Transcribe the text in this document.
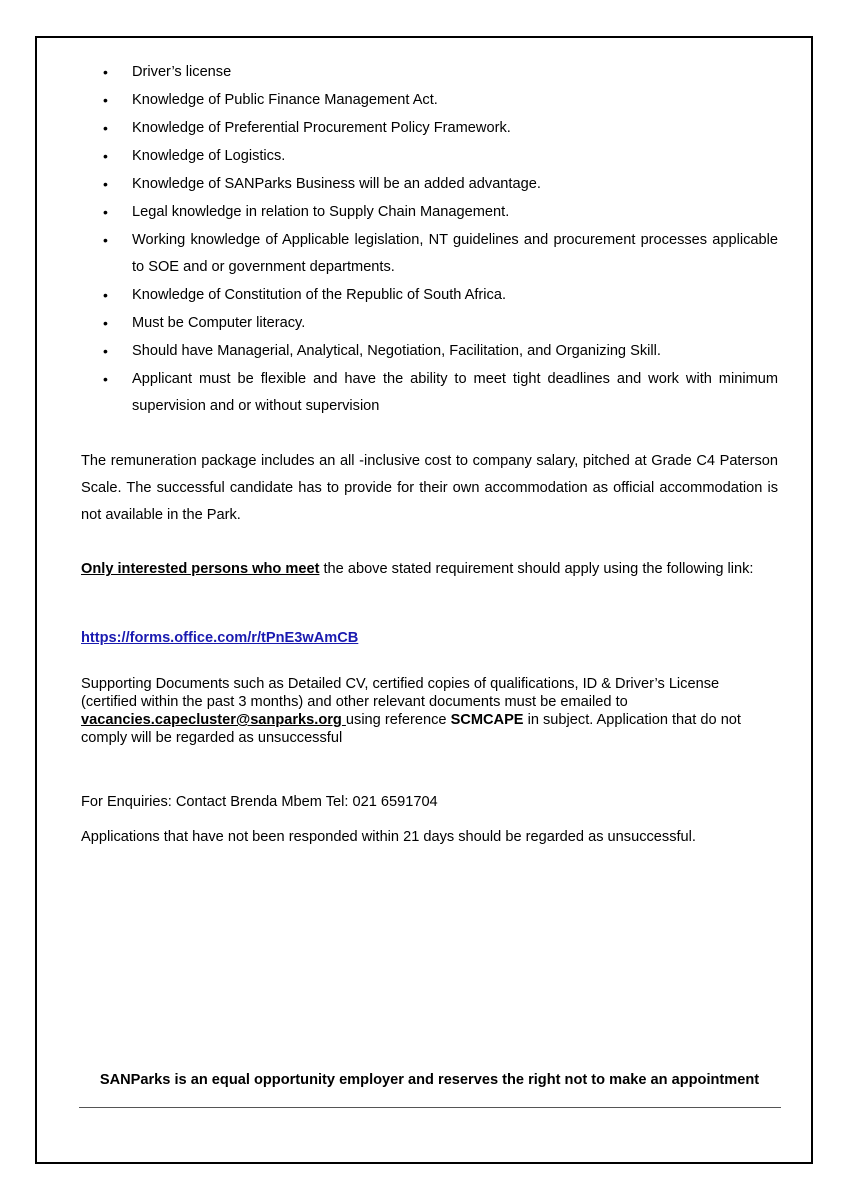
•	Driver’s license
•	Knowledge of Public Finance Management Act.
•	Knowledge of Preferential Procurement Policy Framework.
•	Knowledge of Logistics.
•	Knowledge of SANParks Business will be an added advantage.
•	Legal knowledge in relation to Supply Chain Management.
•	Working knowledge of Applicable legislation, NT guidelines and procurement processes applicable to SOE and or government departments.
•	Knowledge of Constitution of the Republic of South Africa.
•	Must be Computer literacy.
•	Should have Managerial, Analytical, Negotiation, Facilitation, and Organizing Skill.
•	Applicant must be flexible and have the ability to meet tight deadlines and work with minimum supervision and or without supervision

The remuneration package includes an all -inclusive cost to company salary, pitched at Grade C4 Paterson Scale. The successful candidate has to provide for their own accommodation as official accommodation is not available in the Park.

Only interested persons who meet the above stated requirement should apply using the following link:

https://forms.office.com/r/tPnE3wAmCB

Supporting Documents such as Detailed CV, certified copies of qualifications, ID & Driver’s License (certified within the past 3 months) and other relevant documents must be emailed to vacancies.capecluster@sanparks.org using reference SCMCAPE in subject. Application that do not comply will be regarded as unsuccessful

For Enquiries: Contact Brenda Mbem Tel: 021 6591704

Applications that have not been responded within 21 days should be regarded as unsuccessful.

SANParks is an equal opportunity employer and reserves the right not to make an appointment
